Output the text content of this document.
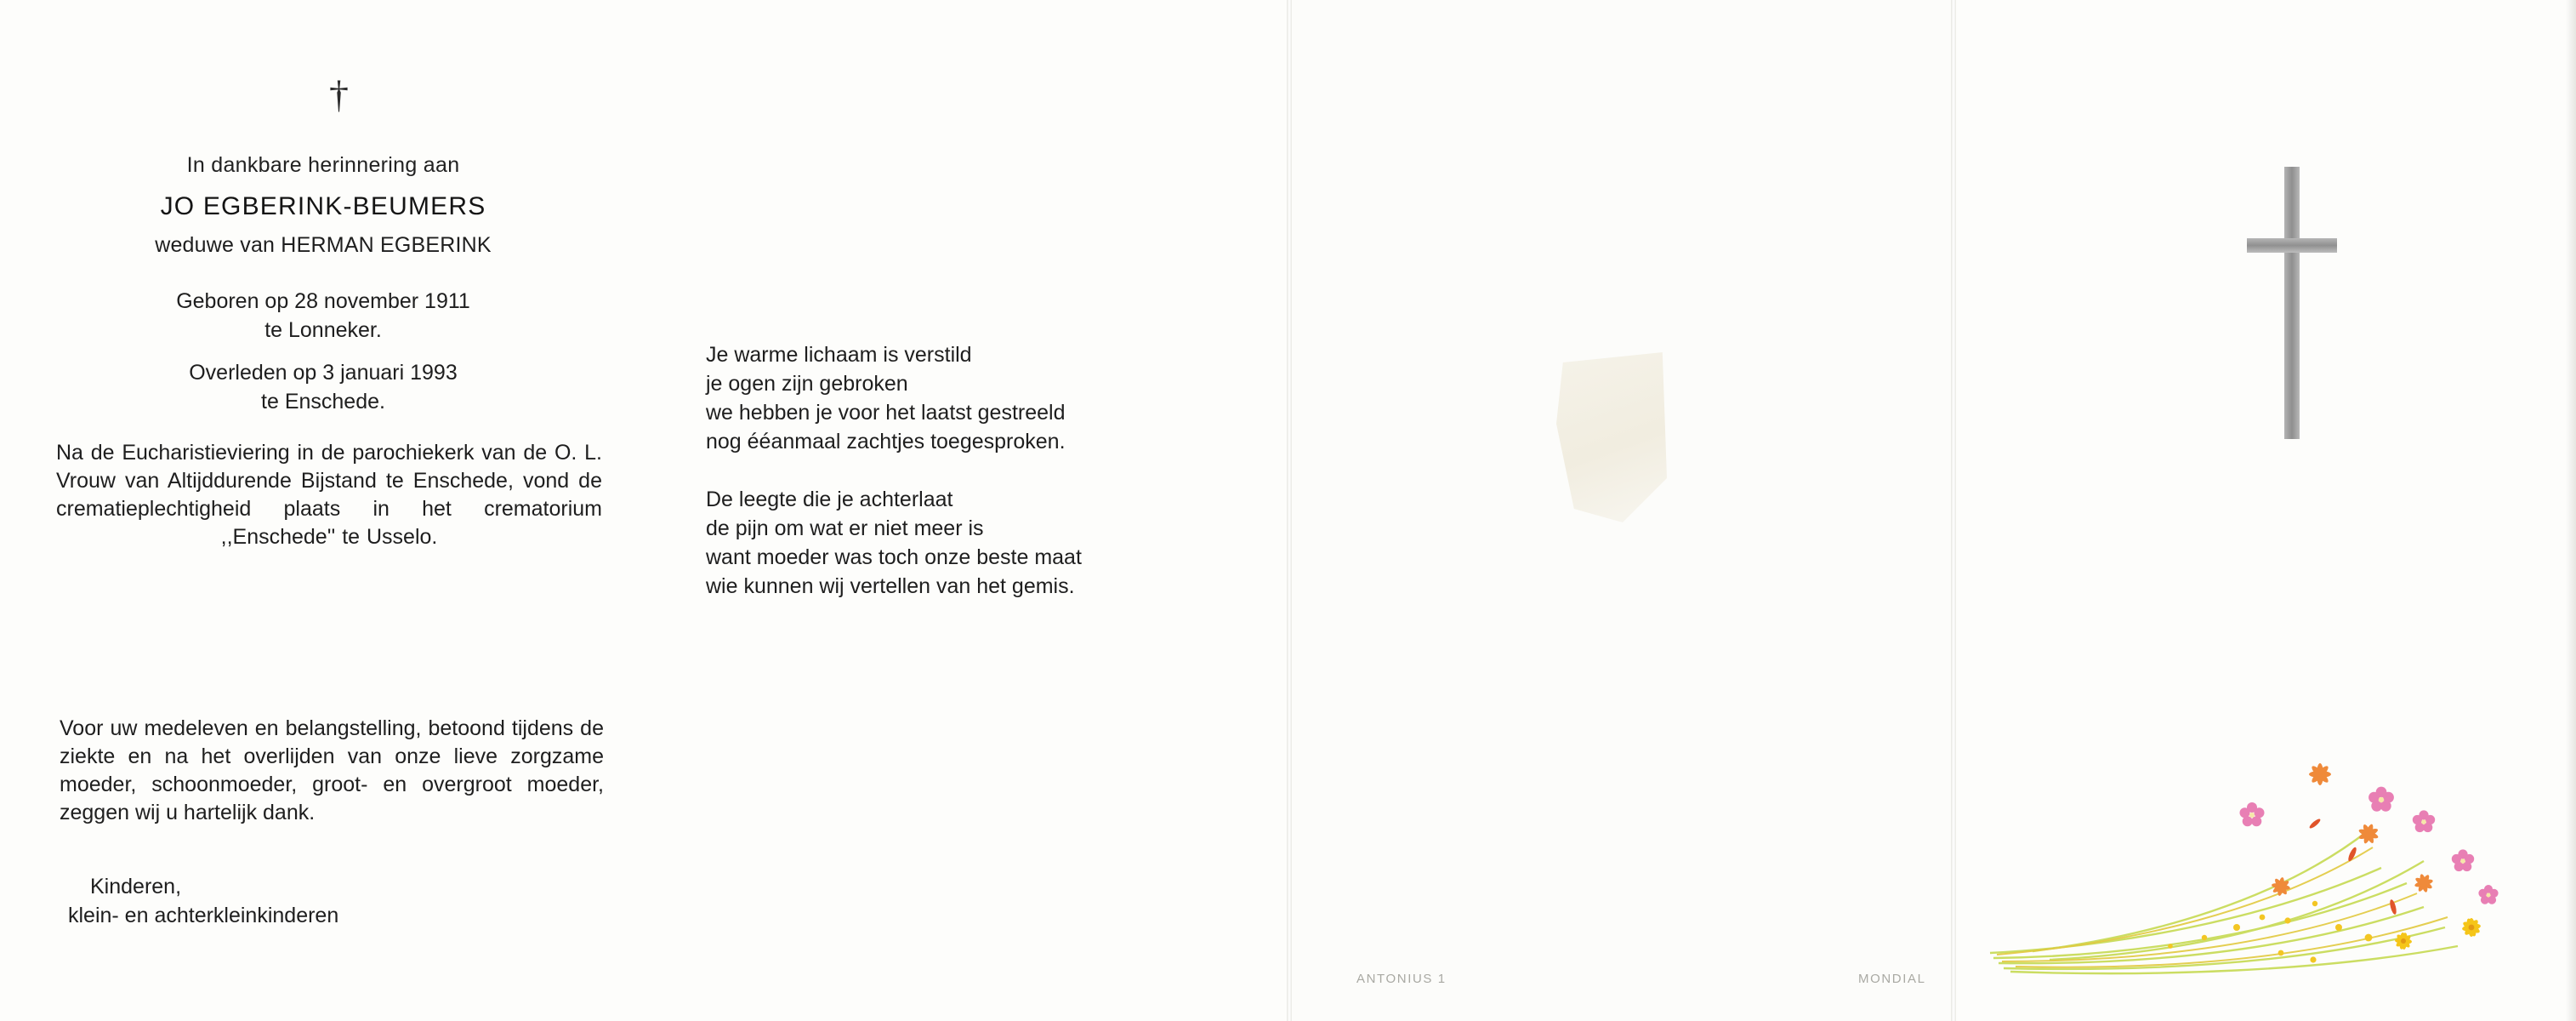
†
In dankbare herinnering aan
JO EGBERINK-BEUMERS
weduwe van HERMAN EGBERINK
Geboren op 28 november 1911
te Lonneker.
Overleden op 3 januari 1993
te Enschede.
Na de Eucharistieviering in de parochiekerk van de O. L. Vrouw van Altijddurende Bijstand te Enschede, vond de crematieplechtigheid plaats in het crematorium ,,Enschede'' te Usselo.
Voor uw medeleven en belangstelling, betoond tijdens de ziekte en na het overlijden van onze lieve zorgzame moeder, schoonmoeder, groot- en overgroot moeder, zeggen wij u hartelijk dank.
Kinderen,
klein- en achterkleinkinderen
Je warme lichaam is verstild
je ogen zijn gebroken
we hebben je voor het laatst gestreeld
nog ééanmaal zachtjes toegesproken.
De leegte die je achterlaat
de pijn om wat er niet meer is
want moeder was toch onze beste maat
wie kunnen wij vertellen van het gemis.
ANTONIUS 1	MONDIAL
